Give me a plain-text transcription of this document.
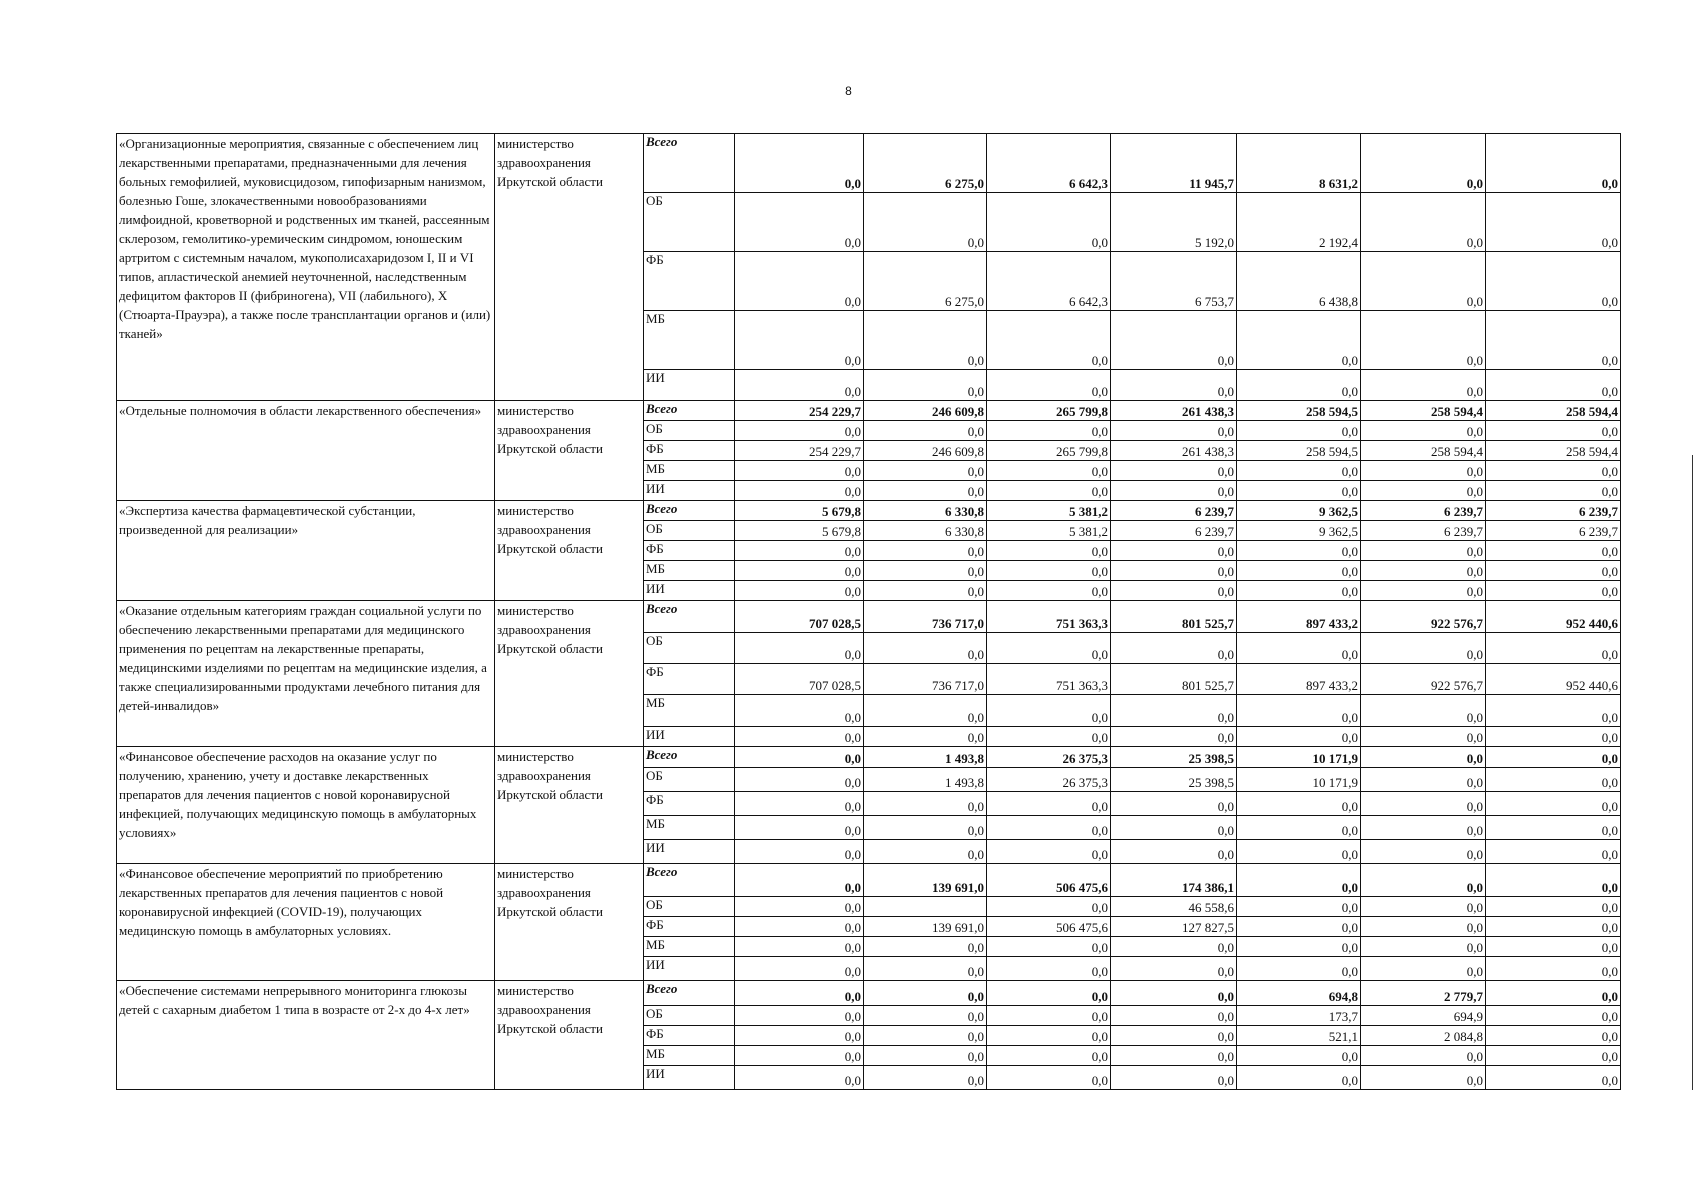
8
«Организационные мероприятия, связанные с обеспечением лиц лекарственными препаратами, предназначенными для лечения больных гемофилией, муковисцидозом, гипофизарным нанизмом, болезнью Гоше, злокачественными новообразованиями лимфоидной, кроветворной и родственных им тканей, рассеянным склерозом, гемолитико-уремическим синдромом, юношеским артритом с системным началом, мукополисахаридозом I, II и VI типов, апластической анемией неуточненной, наследственным дефицитом факторов II (фибриногена), VII (лабильного), X (Стюарта-Прауэра), а также после трансплантации органов и (или) тканей»	министерство здравоохранения Иркутской области	Всего	0,0	6 275,0	6 642,3	11 945,7	8 631,2	0,0	0,0
		ОБ	0,0	0,0	0,0	5 192,0	2 192,4	0,0	0,0
		ФБ	0,0	6 275,0	6 642,3	6 753,7	6 438,8	0,0	0,0
		МБ	0,0	0,0	0,0	0,0	0,0	0,0	0,0
		ИИ	0,0	0,0	0,0	0,0	0,0	0,0	0,0
«Отдельные полномочия в области лекарственного обеспечения»	министерство здравоохранения Иркутской области	Всего	254 229,7	246 609,8	265 799,8	261 438,3	258 594,5	258 594,4	258 594,4
		ОБ	0,0	0,0	0,0	0,0	0,0	0,0	0,0
		ФБ	254 229,7	246 609,8	265 799,8	261 438,3	258 594,5	258 594,4	258 594,4
		МБ	0,0	0,0	0,0	0,0	0,0	0,0	0,0
		ИИ	0,0	0,0	0,0	0,0	0,0	0,0	0,0
«Экспертиза качества фармацевтической субстанции, произведенной для реализации»	министерство здравоохранения Иркутской области	Всего	5 679,8	6 330,8	5 381,2	6 239,7	9 362,5	6 239,7	6 239,7
		ОБ	5 679,8	6 330,8	5 381,2	6 239,7	9 362,5	6 239,7	6 239,7
		ФБ	0,0	0,0	0,0	0,0	0,0	0,0	0,0
		МБ	0,0	0,0	0,0	0,0	0,0	0,0	0,0
		ИИ	0,0	0,0	0,0	0,0	0,0	0,0	0,0
«Оказание отдельным категориям граждан социальной услуги по обеспечению лекарственными препаратами для медицинского применения по рецептам на лекарственные препараты, медицинскими изделиями по рецептам на медицинские изделия, а также специализированными продуктами лечебного питания для детей-инвалидов»	министерство здравоохранения Иркутской области	Всего	707 028,5	736 717,0	751 363,3	801 525,7	897 433,2	922 576,7	952 440,6
		ОБ	0,0	0,0	0,0	0,0	0,0	0,0	0,0
		ФБ	707 028,5	736 717,0	751 363,3	801 525,7	897 433,2	922 576,7	952 440,6
		МБ	0,0	0,0	0,0	0,0	0,0	0,0	0,0
		ИИ	0,0	0,0	0,0	0,0	0,0	0,0	0,0
«Финансовое обеспечение расходов на оказание услуг по получению, хранению, учету и доставке лекарственных препаратов для лечения пациентов с новой коронавирусной инфекцией, получающих медицинскую помощь в амбулаторных условиях»	министерство здравоохранения Иркутской области	Всего	0,0	1 493,8	26 375,3	25 398,5	10 171,9	0,0	0,0
		ОБ	0,0	1 493,8	26 375,3	25 398,5	10 171,9	0,0	0,0
		ФБ	0,0	0,0	0,0	0,0	0,0	0,0	0,0
		МБ	0,0	0,0	0,0	0,0	0,0	0,0	0,0
		ИИ	0,0	0,0	0,0	0,0	0,0	0,0	0,0
«Финансовое обеспечение мероприятий по приобретению лекарственных препаратов для лечения пациентов с новой коронавирусной инфекцией (COVID-19), получающих медицинскую помощь в амбулаторных условиях.	министерство здравоохранения Иркутской области	Всего	0,0	139 691,0	506 475,6	174 386,1	0,0	0,0	0,0
		ОБ	0,0		0,0	46 558,6	0,0	0,0	0,0
		ФБ	0,0	139 691,0	506 475,6	127 827,5	0,0	0,0	0,0
		МБ	0,0	0,0	0,0	0,0	0,0	0,0	0,0
		ИИ	0,0	0,0	0,0	0,0	0,0	0,0	0,0
«Обеспечение системами непрерывного мониторинга глюкозы детей с сахарным диабетом 1 типа в возрасте от 2-х до 4-х лет»	министерство здравоохранения Иркутской области	Всего	0,0	0,0	0,0	0,0	694,8	2 779,7	0,0
		ОБ	0,0	0,0	0,0	0,0	173,7	694,9	0,0
		ФБ	0,0	0,0	0,0	0,0	521,1	2 084,8	0,0
		МБ	0,0	0,0	0,0	0,0	0,0	0,0	0,0
		ИИ	0,0	0,0	0,0	0,0	0,0	0,0	0,0
